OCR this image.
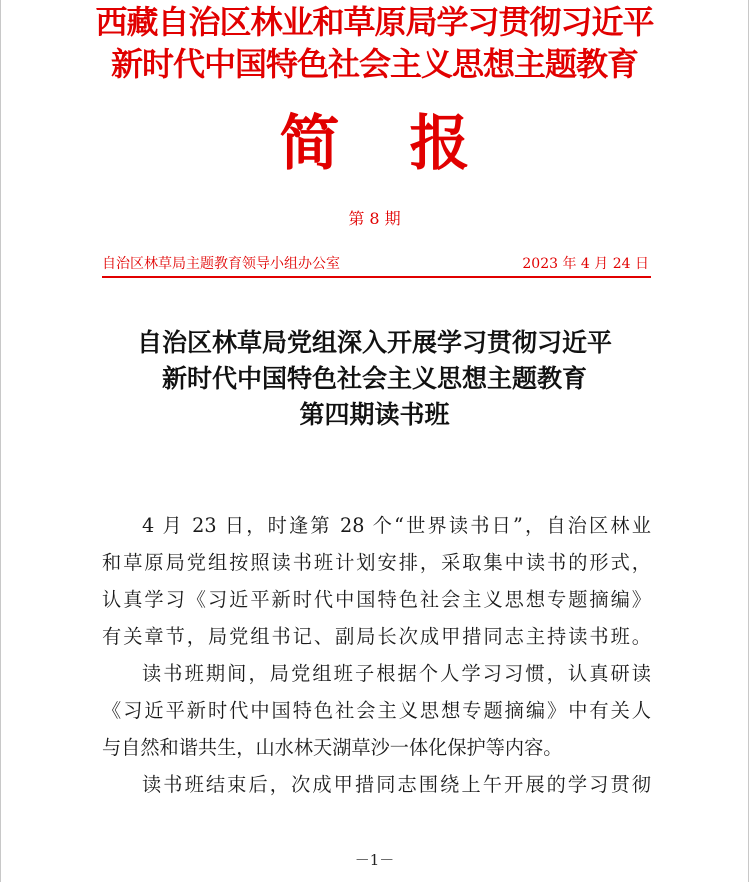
西藏自治区林业和草原局学习贯彻习近平
新时代中国特色社会主义思想主题教育
简 报
第 8 期
自治区林草局主题教育领导小组办公室	2023 年 4 月 24 日
自治区林草局党组深入开展学习贯彻习近平
新时代中国特色社会主义思想主题教育
第四期读书班
4 月 23 日，时逢第 28 个“世界读书日”，自治区林业
和草原局党组按照读书班计划安排，采取集中读书的形式，
认真学习《习近平新时代中国特色社会主义思想专题摘编》
有关章节，局党组书记、副局长次成甲措同志主持读书班。
读书班期间，局党组班子根据个人学习习惯，认真研读
《习近平新时代中国特色社会主义思想专题摘编》中有关人
与自然和谐共生，山水林天湖草沙一体化保护等内容。
读书班结束后，次成甲措同志围绕上午开展的学习贯彻
－1－
